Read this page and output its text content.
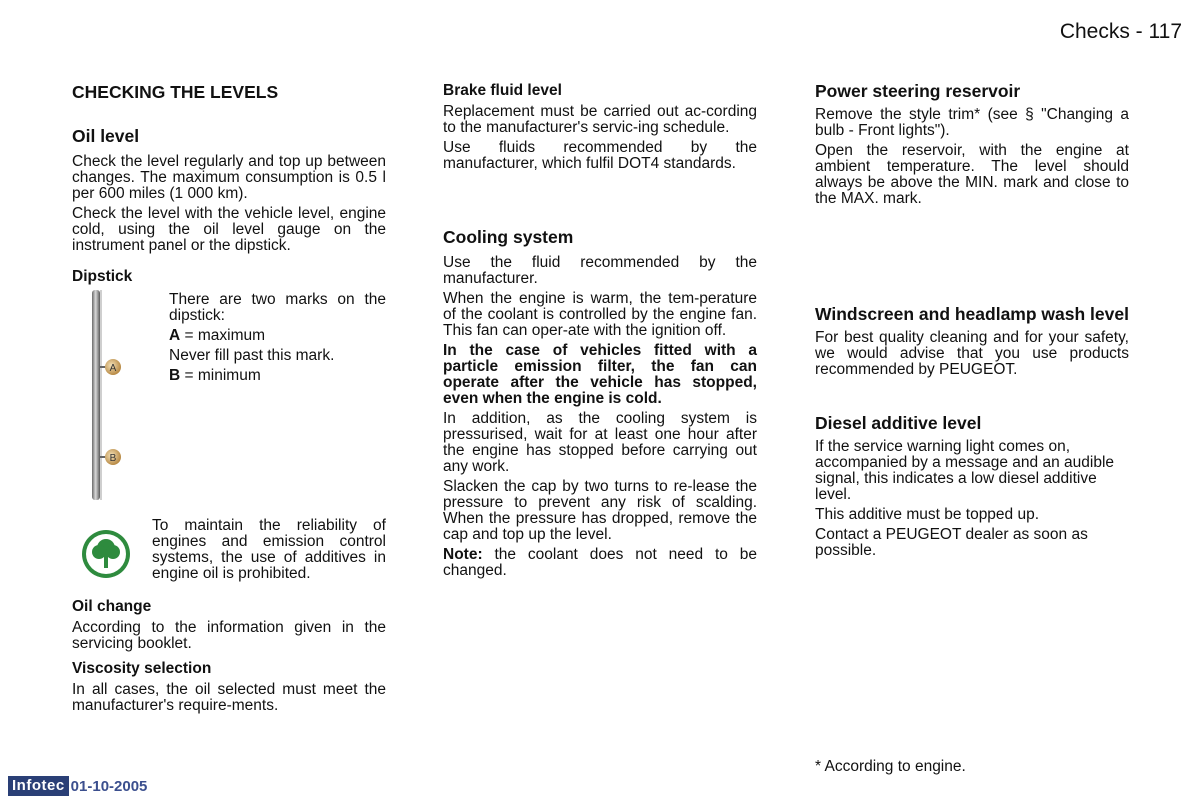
Checks - 117
CHECKING THE LEVELS
Oil level

Check the level regularly and top up between changes. The maximum consumption is 0.5 l per 600 miles (1 000 km).

Check the level with the vehicle level, engine cold, using the oil level gauge on the instrument panel or the dipstick.

Dipstick
A
B

There are two marks on the dipstick:

A = maximum

Never fill past this mark.

B = minimum

To maintain the reliability of engines and emission control systems, the use of additives in engine oil is prohibited.

Oil change

According to the information given in the servicing booklet.

Viscosity selection

In all cases, the oil selected must meet the manufacturer's require-ments.

Brake fluid level

Replacement must be carried out ac-cording to the manufacturer's servic-ing schedule.

Use fluids recommended by the manufacturer, which fulfil DOT4 standards.

Cooling system

Use the fluid recommended by the manufacturer.

When the engine is warm, the tem-perature of the coolant is controlled by the engine fan. This fan can oper-ate with the ignition off.

In the case of vehicles fitted with a particle emission filter, the fan can operate after the vehicle has stopped, even when the engine is cold.

In addition, as the cooling system is pressurised, wait for at least one hour after the engine has stopped before carrying out any work.

Slacken the cap by two turns to re-lease the pressure to prevent any risk of scalding. When the pressure has dropped, remove the cap and top up the level.

Note: the coolant does not need to be changed.

Power steering reservoir

Remove the style trim* (see § "Changing a bulb - Front lights").

Open the reservoir, with the engine at ambient temperature. The level should always be above the MIN. mark and close to the MAX. mark.

Windscreen and headlamp wash level

For best quality cleaning and for your safety, we would advise that you use products recommended by PEUGEOT.

Diesel additive level

If the service warning light comes on, accompanied by a message and an audible signal, this indicates a low diesel additive level.

This additive must be topped up.

Contact a PEUGEOT dealer as soon as possible.

* According to engine.
Infotec 01-10-2005
